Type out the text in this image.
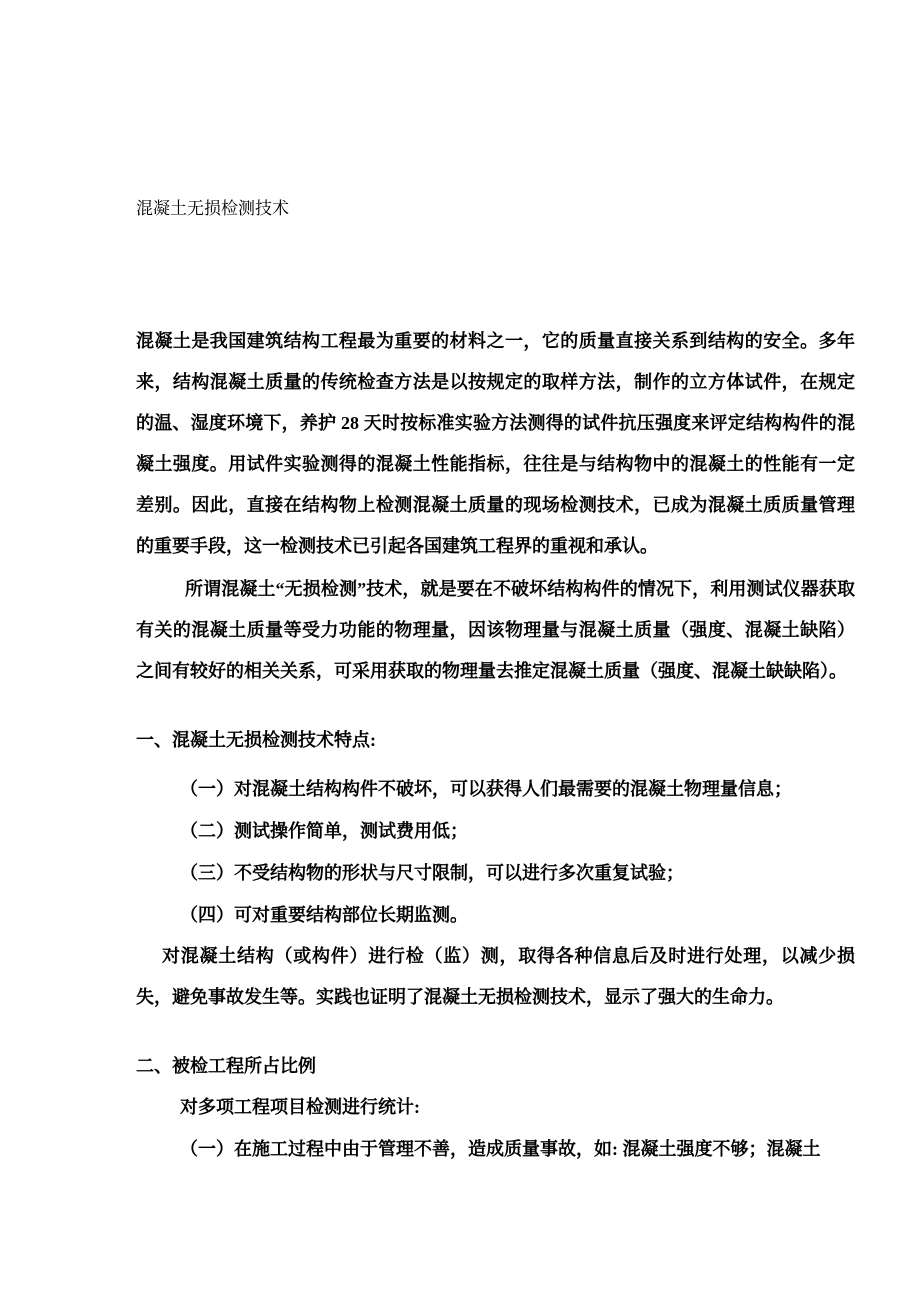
混凝土无损检测技术

混凝土是我国建筑结构工程最为重要的材料之一，它的质量直接关系到结构的安全。多年来，结构混凝土质量的传统检查方法是以按规定的取样方法，制作的立方体试件，在规定的温、湿度环境下，养护 28 天时按标准实验方法测得的试件抗压强度来评定结构构件的混凝土强度。用试件实验测得的混凝土性能指标，往往是与结构物中的混凝土的性能有一定差别。因此，直接在结构物上检测混凝土质量的现场检测技术，已成为混凝土质质量管理的重要手段，这一检测技术已引起各国建筑工程界的重视和承认。

所谓混凝土“无损检测”技术，就是要在不破坏结构构件的情况下，利用测试仪器获取有关的混凝土质量等受力功能的物理量，因该物理量与混凝土质量（强度、混凝土缺陷）之间有较好的相关关系，可采用获取的物理量去推定混凝土质量（强度、混凝土缺缺陷）。

一、混凝土无损检测技术特点:
（一）对混凝土结构构件不破坏，可以获得人们最需要的混凝土物理量信息；
（二）测试操作简单，测试费用低；
（三）不受结构物的形状与尺寸限制，可以进行多次重复试验；
（四）可对重要结构部位长期监测。

对混凝土结构（或构件）进行检（监）测，取得各种信息后及时进行处理，以减少损失，避免事故发生等。实践也证明了混凝土无损检测技术，显示了强大的生命力。

二、被检工程所占比例

对多项工程项目检测进行统计:

（一）在施工过程中由于管理不善，造成质量事故，如: 混凝土强度不够；混凝土
